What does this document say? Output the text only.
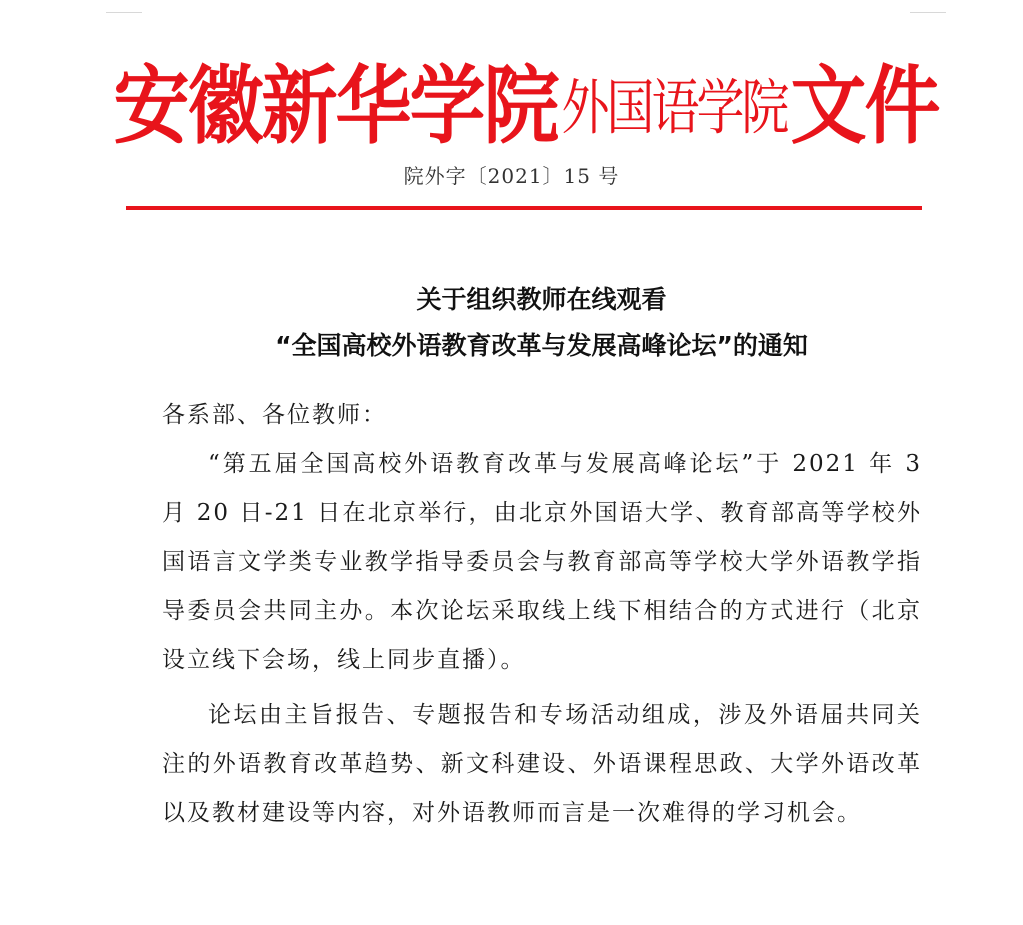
安徽新华学院 外国语学院 文件
院外字〔2021〕15 号
关于组织教师在线观看
“全国高校外语教育改革与发展高峰论坛”的通知
各系部、各位教师：

“第五届全国高校外语教育改革与发展高峰论坛”于 2021 年 3 月 20 日-21 日在北京举行，由北京外国语大学、教育部高等学校外国语言文学类专业教学指导委员会与教育部高等学校大学外语教学指导委员会共同主办。本次论坛采取线上线下相结合的方式进行（北京设立线下会场，线上同步直播）。

论坛由主旨报告、专题报告和专场活动组成，涉及外语届共同关注的外语教育改革趋势、新文科建设、外语课程思政、大学外语改革以及教材建设等内容，对外语教师而言是一次难得的学习机会。
